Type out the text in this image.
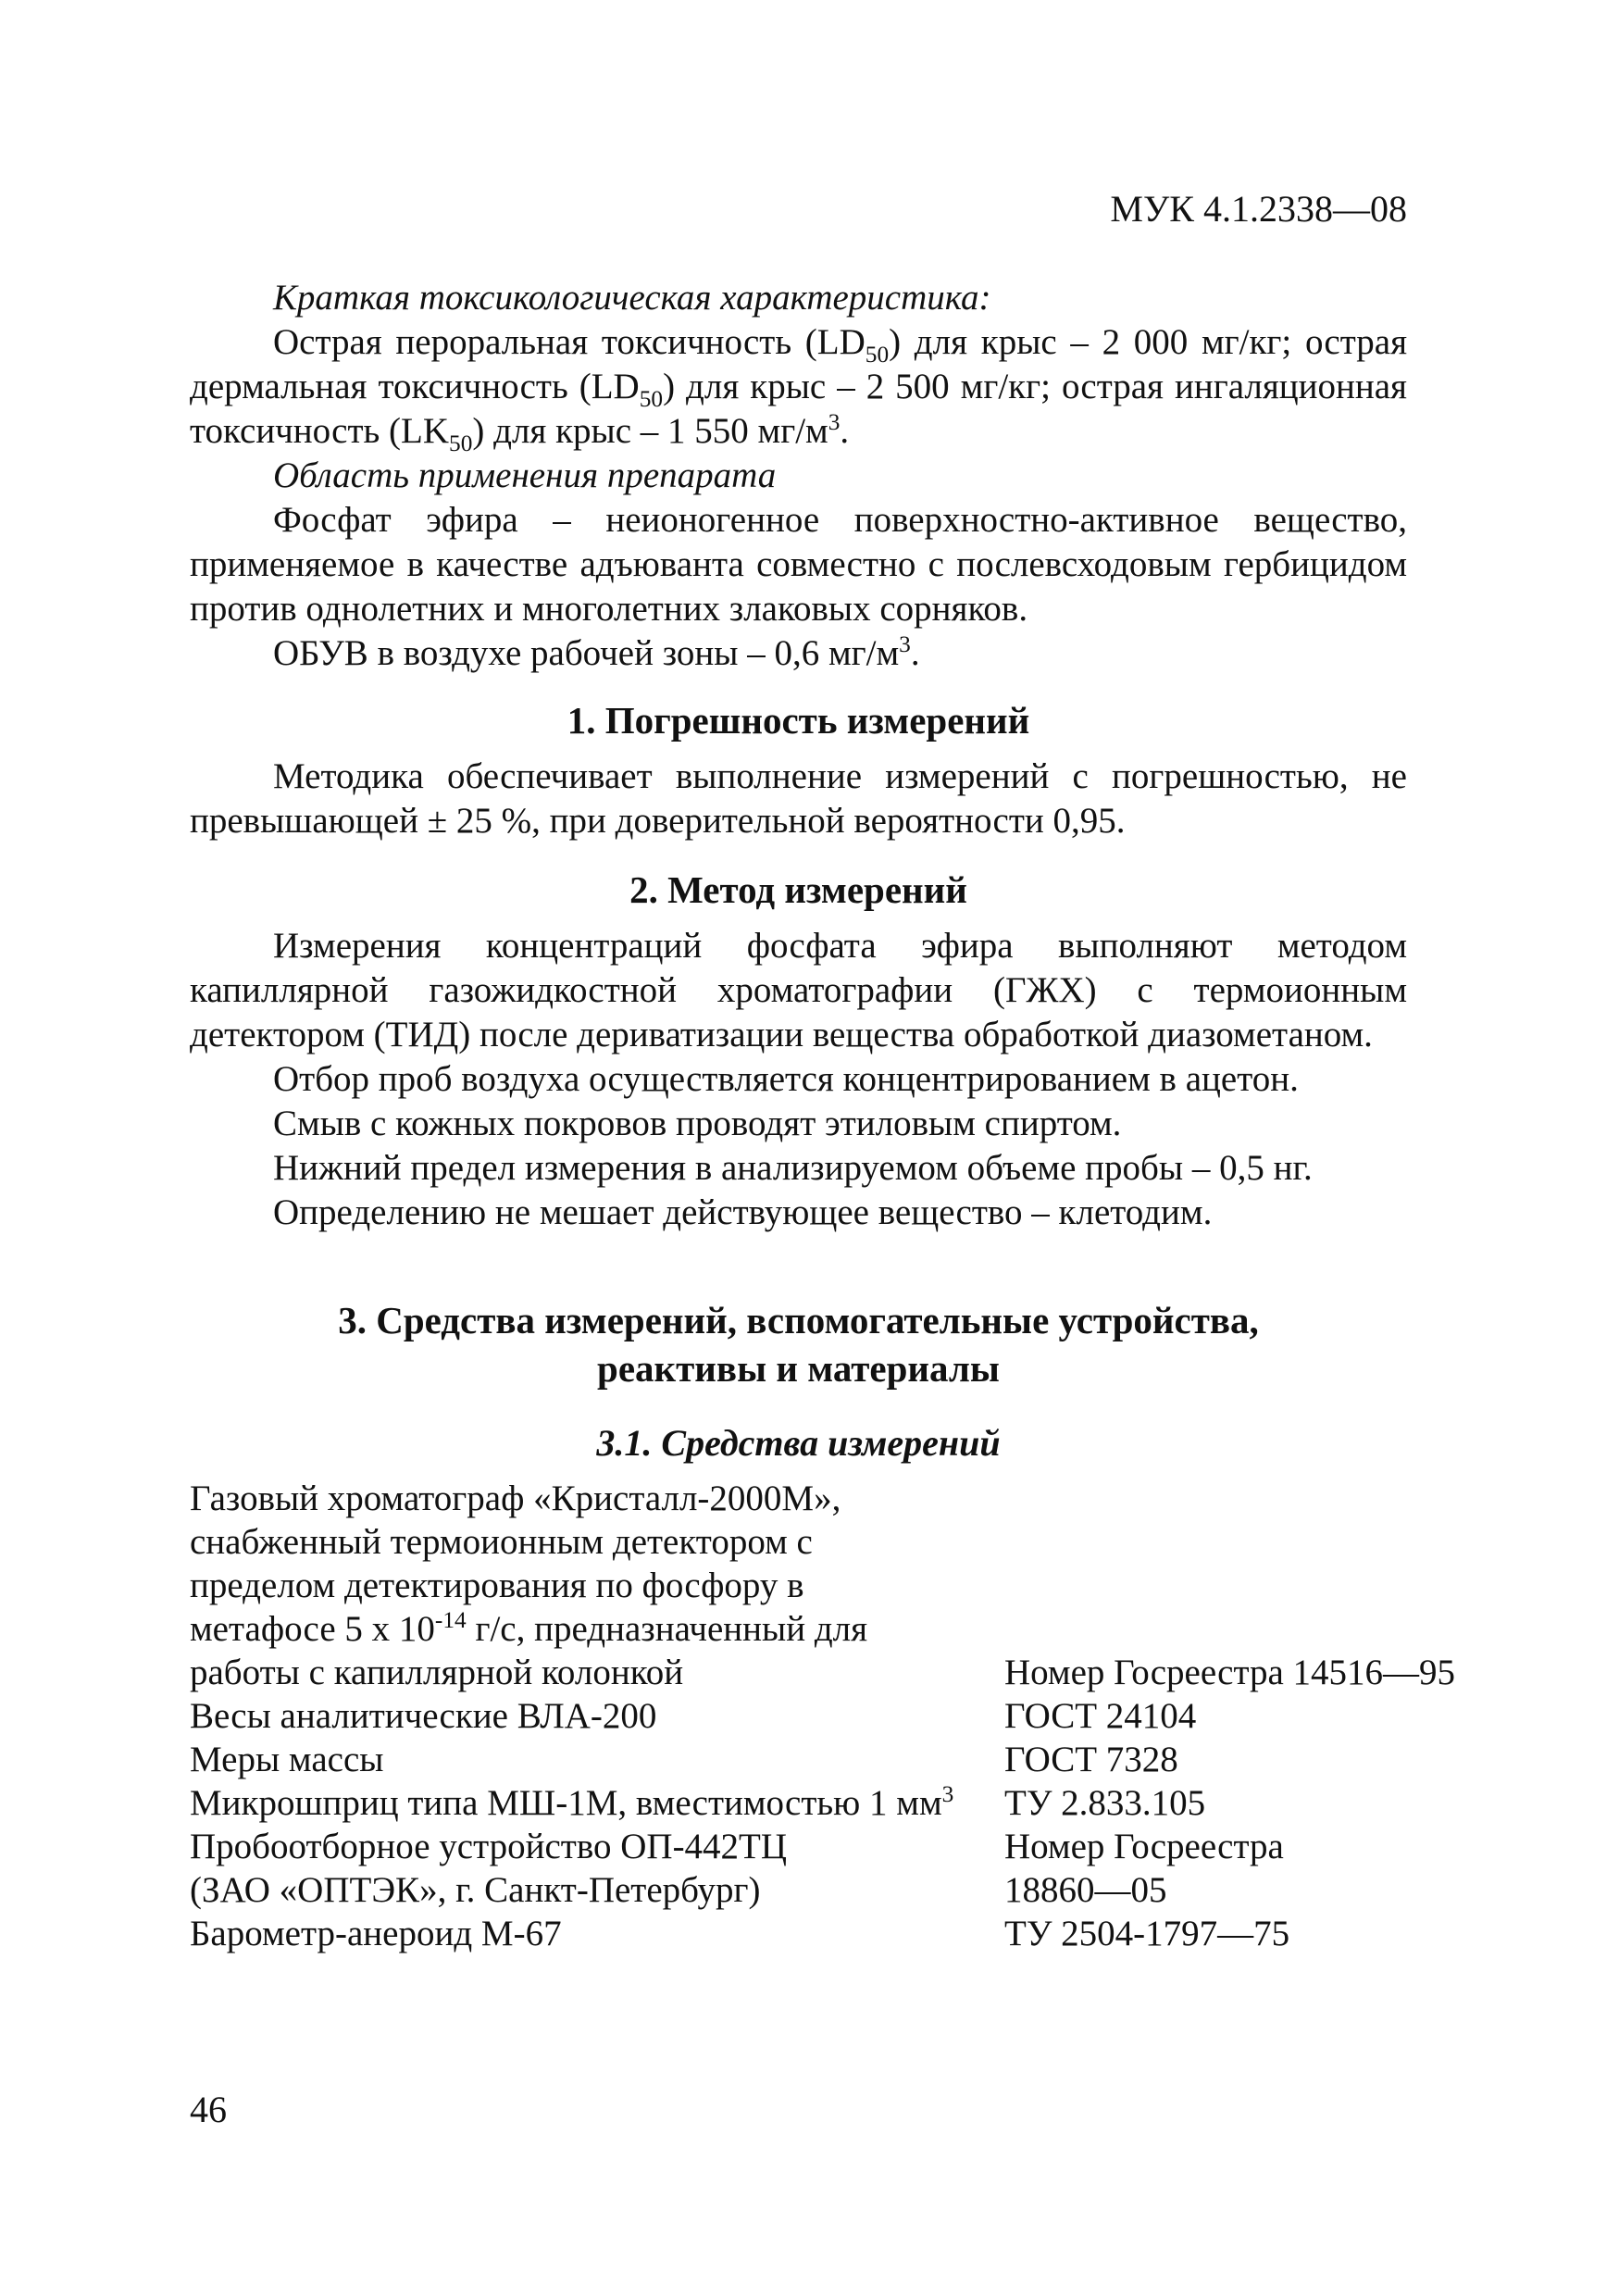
МУК 4.1.2338—08

Краткая токсикологическая характеристика:

Острая пероральная токсичность $(LD_{50})$ для крыс – 2 000 мг/кг; острая дермальная токсичность $(LD_{50})$ для крыс – 2 500 мг/кг; острая ингаляционная токсичность $(LK_{50})$ для крыс – 1 550 $мг/м^3$.

Область применения препарата

Фосфат эфира – неионогенное поверхностно-активное вещество, применяемое в качестве адъюванта совместно с послевсходовым гербицидом против однолетних и многолетних злаковых сорняков.

ОБУВ в воздухе рабочей зоны – 0,6 $мг/м^3$.

1. Погрешность измерений

Методика обеспечивает выполнение измерений с погрешностью, не превышающей ± 25 %, при доверительной вероятности 0,95.

2. Метод измерений

Измерения концентраций фосфата эфира выполняют методом капиллярной газожидкостной хроматографии (ГЖХ) с термоионным детектором (ТИД) после дериватизации вещества обработкой диазометаном.

Отбор проб воздуха осуществляется концентрированием в ацетон.

Смыв с кожных покровов проводят этиловым спиртом.

Нижний предел измерения в анализируемом объеме пробы – 0,5 нг.

Определению не мешает действующее вещество – клетодим.

3. Средства измерений, вспомогательные устройства,
реактивы и материалы
3.1. Средства измерений
Газовый хроматограф «Кристалл-2000М»,
снабженный термоионным детектором с
пределом детектирования по фосфору в
метафосе 5 x $10^{-14}$ г/с, предназначенный для
работы с капиллярной колонкой	Номер Госреестра 14516—95
Весы аналитические ВЛА-200	ГОСТ 24104
Меры массы	ГОСТ 7328
Микрошприц типа МШ-1М, вместимостью 1 $мм^3$	ТУ 2.833.105
Пробоотборное устройство ОП-442ТЦ	Номер Госреестра
(ЗАО «ОПТЭК», г. Санкт-Петербург)	18860—05
Барометр-анероид М-67	ТУ 2504-1797—75
46
